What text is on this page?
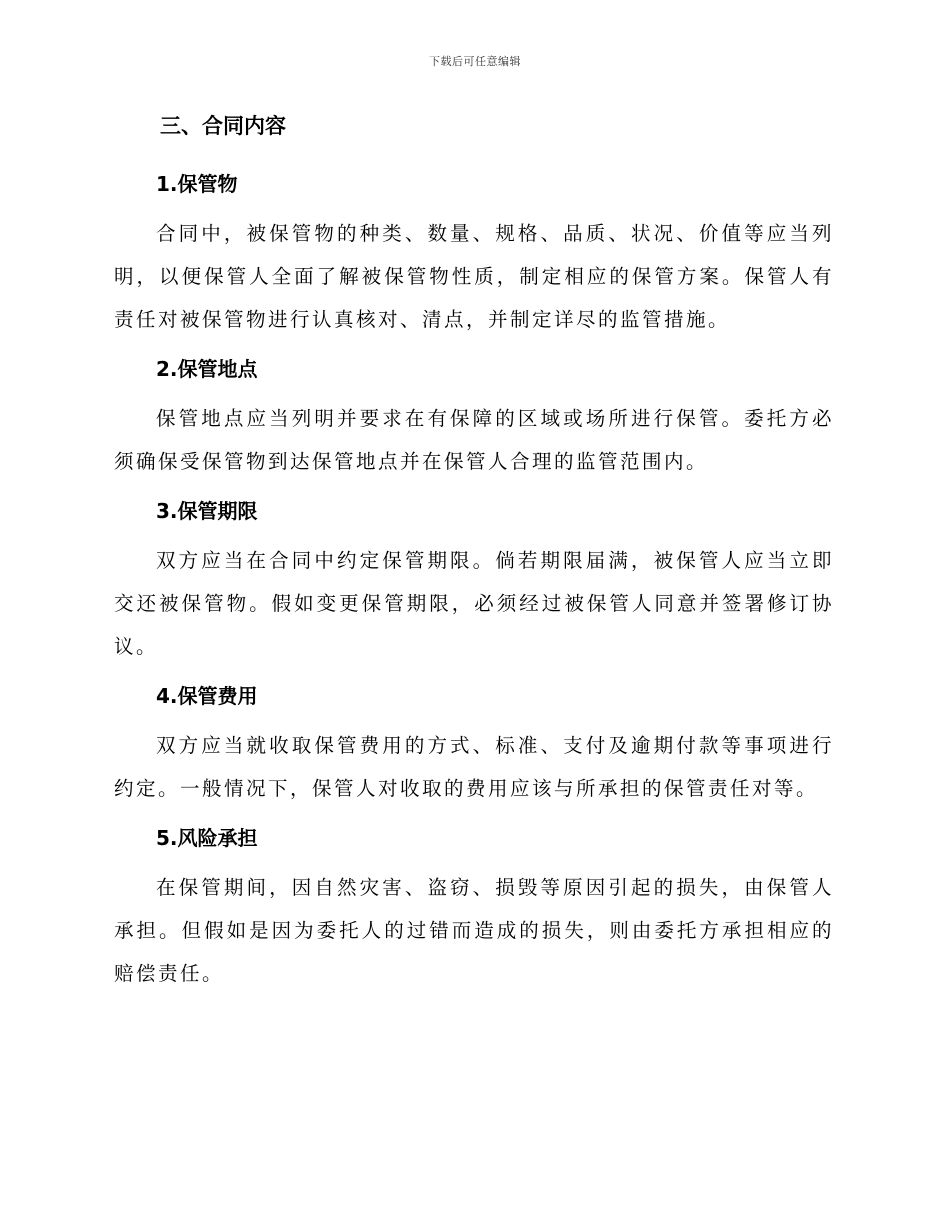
下载后可任意编辑
三、合同内容
1.保管物

合同中，被保管物的种类、数量、规格、品质、状况、价值等应当列明，以便保管人全面了解被保管物性质，制定相应的保管方案。保管人有责任对被保管物进行认真核对、清点，并制定详尽的监管措施。

2.保管地点

保管地点应当列明并要求在有保障的区域或场所进行保管。委托方必须确保受保管物到达保管地点并在保管人合理的监管范围内。

3.保管期限

双方应当在合同中约定保管期限。倘若期限届满，被保管人应当立即交还被保管物。假如变更保管期限，必须经过被保管人同意并签署修订协议。

4.保管费用

双方应当就收取保管费用的方式、标准、支付及逾期付款等事项进行约定。一般情况下，保管人对收取的费用应该与所承担的保管责任对等。

5.风险承担

在保管期间，因自然灾害、盗窃、损毁等原因引起的损失，由保管人承担。但假如是因为委托人的过错而造成的损失，则由委托方承担相应的赔偿责任。
